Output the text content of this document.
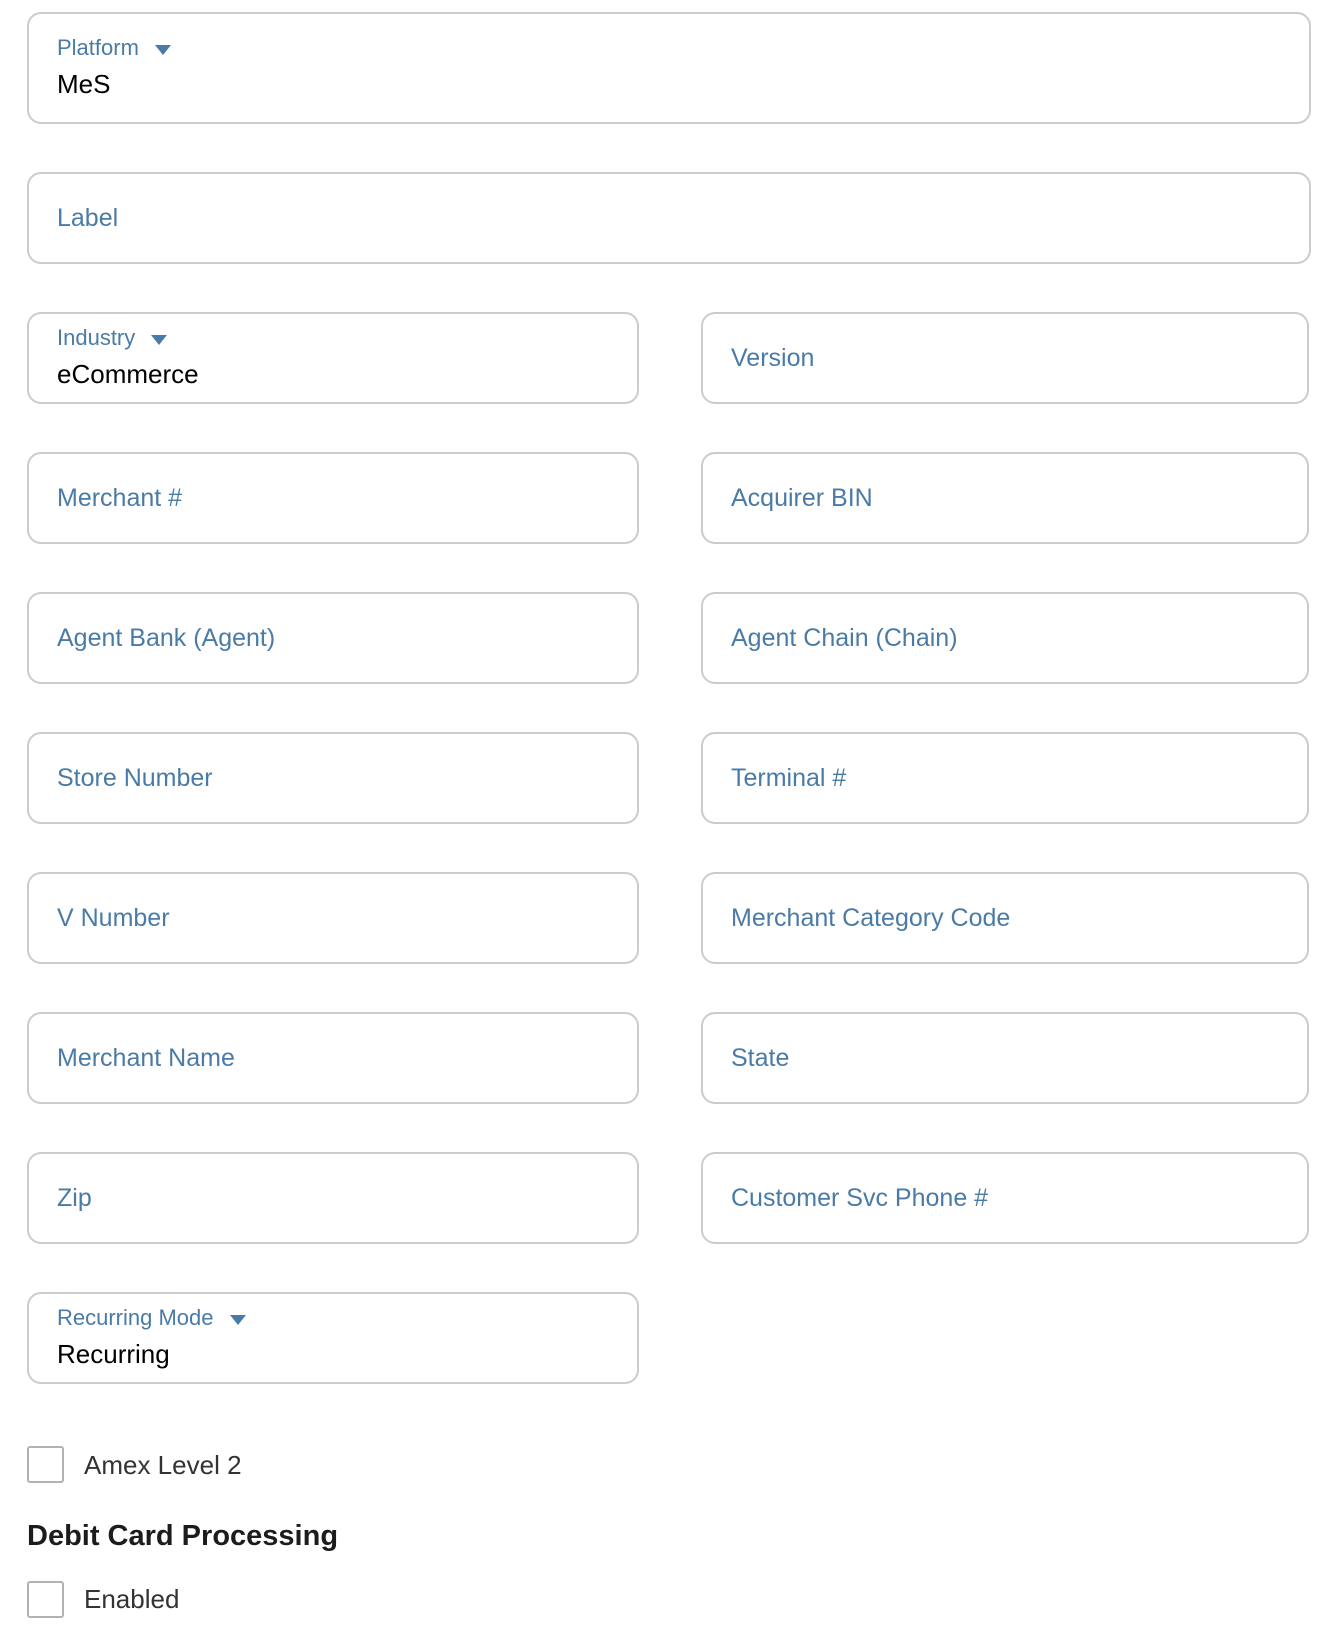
Platform
MeS
Label
Industry
eCommerce
Version
Merchant #
Acquirer BIN
Agent Bank (Agent)
Agent Chain (Chain)
Store Number
Terminal #
V Number
Merchant Category Code
Merchant Name
State
Zip
Customer Svc Phone #
Recurring Mode
Recurring
Amex Level 2
Debit Card Processing
Enabled
